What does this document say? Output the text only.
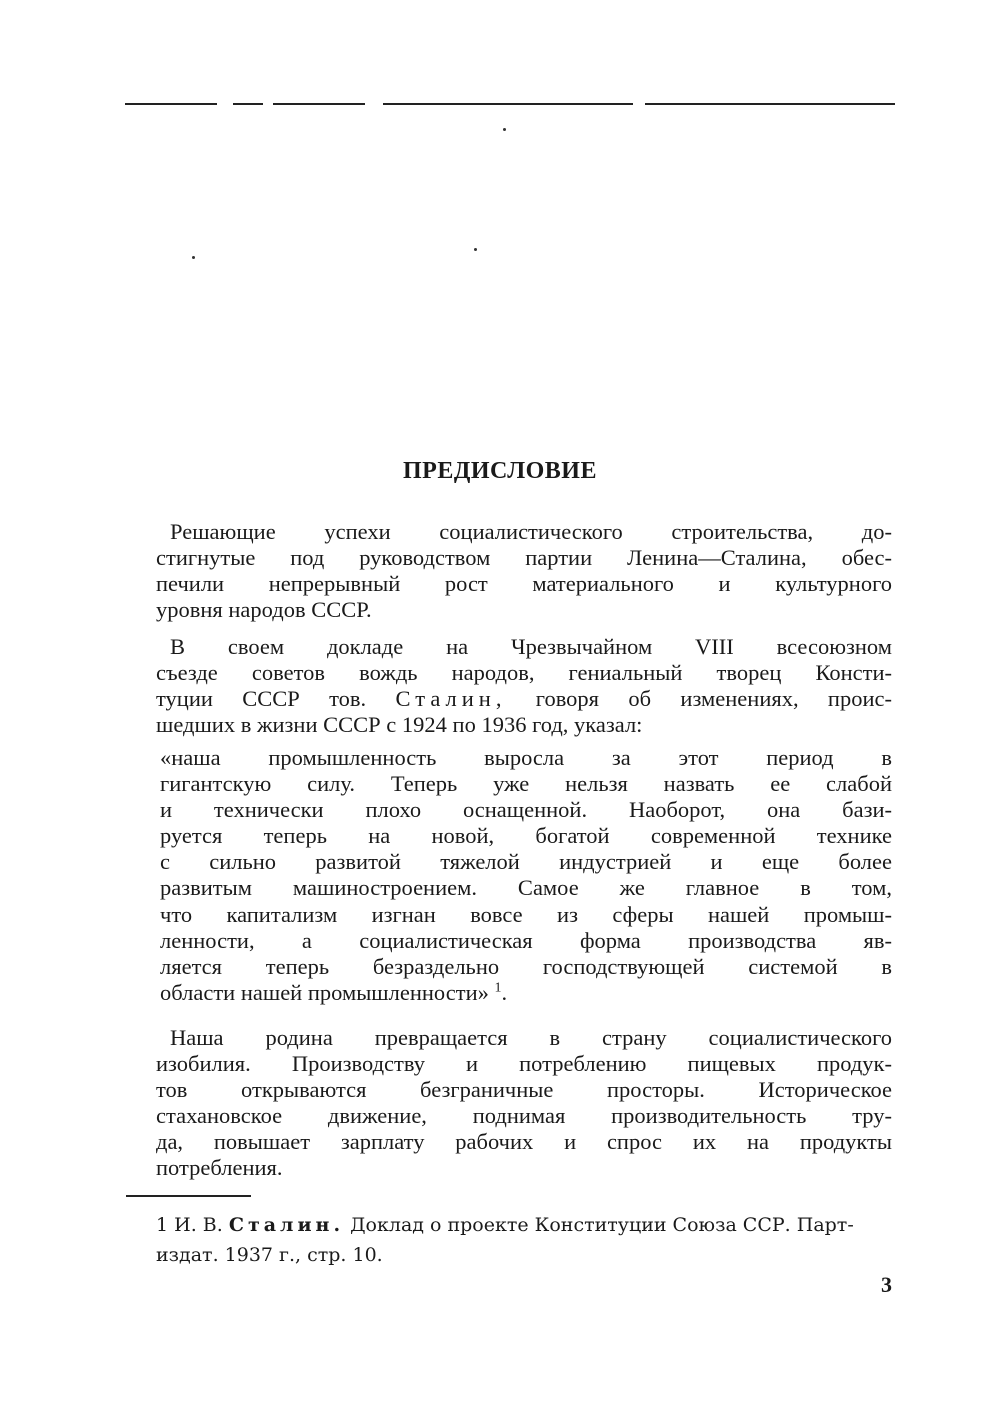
ПРЕДИСЛОВИЕ
Решающие успехи социалистического строительства, до-
стигнутые под руководством партии Ленина—Сталина, обес-
печили непрерывный рост материального и культурного
уровня народов СССР.
В своем докладе на Чрезвычайном VIII всесоюзном
съезде советов вождь народов, гениальный творец Консти-
туции СССР тов. Сталин, говоря об изменениях, проис-
шедших в жизни СССР с 1924 по 1936 год, указал:
«наша промышленность выросла за этот период в
гигантскую силу. Теперь уже нельзя назвать ее слабой
и технически плохо оснащенной. Наоборот, она бази-
руется теперь на новой, богатой современной технике
с сильно развитой тяжелой индустрией и еще более
развитым машиностроением. Самое же главное в том,
что капитализм изгнан вовсе из сферы нашей промыш-
ленности, а социалистическая форма производства яв-
ляется теперь безраздельно господствующей системой в
области нашей промышленности» $^1$.
Наша родина превращается в страну социалистического
изобилия. Производству и потреблению пищевых продук-
тов открываются безграничные просторы. Историческое
стахановское движение, поднимая производительность тру-
да, повышает зарплату рабочих и спрос их на продукты
потребления.
1 И. В. Сталин. Доклад о проекте Конституции Союза ССР. Парт-
издат. 1937 г., стр. 10.
3
